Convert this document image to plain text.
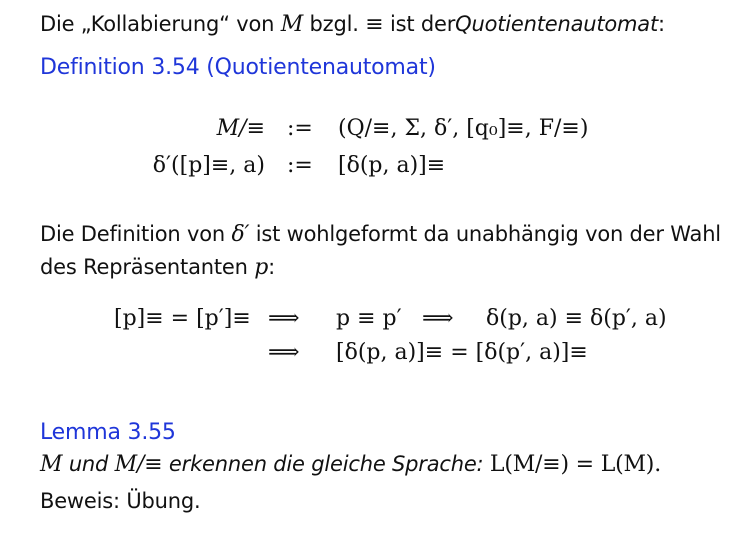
Die „Kollabierung“ von M bzgl. ≡ ist derQuotientenautomat:
Definition 3.54 (Quotientenautomat)
M/≡ := (Q/≡, Σ, δ′, [q₀]≡, F/≡)
δ′([p]≡, a) := [δ(p, a)]≡
Die Definition von δ′ ist wohlgeformt da unabhängig von der Wahl
des Repräsentanten p:
[p]≡ = [p′]≡ ⟹ p ≡ p′ ⟹ δ(p, a) ≡ δ(p′, a)
⟹ [δ(p, a)]≡ = [δ(p′, a)]≡
Lemma 3.55
M und M/≡ erkennen die gleiche Sprache: L(M/≡) = L(M).
Beweis: Übung.
